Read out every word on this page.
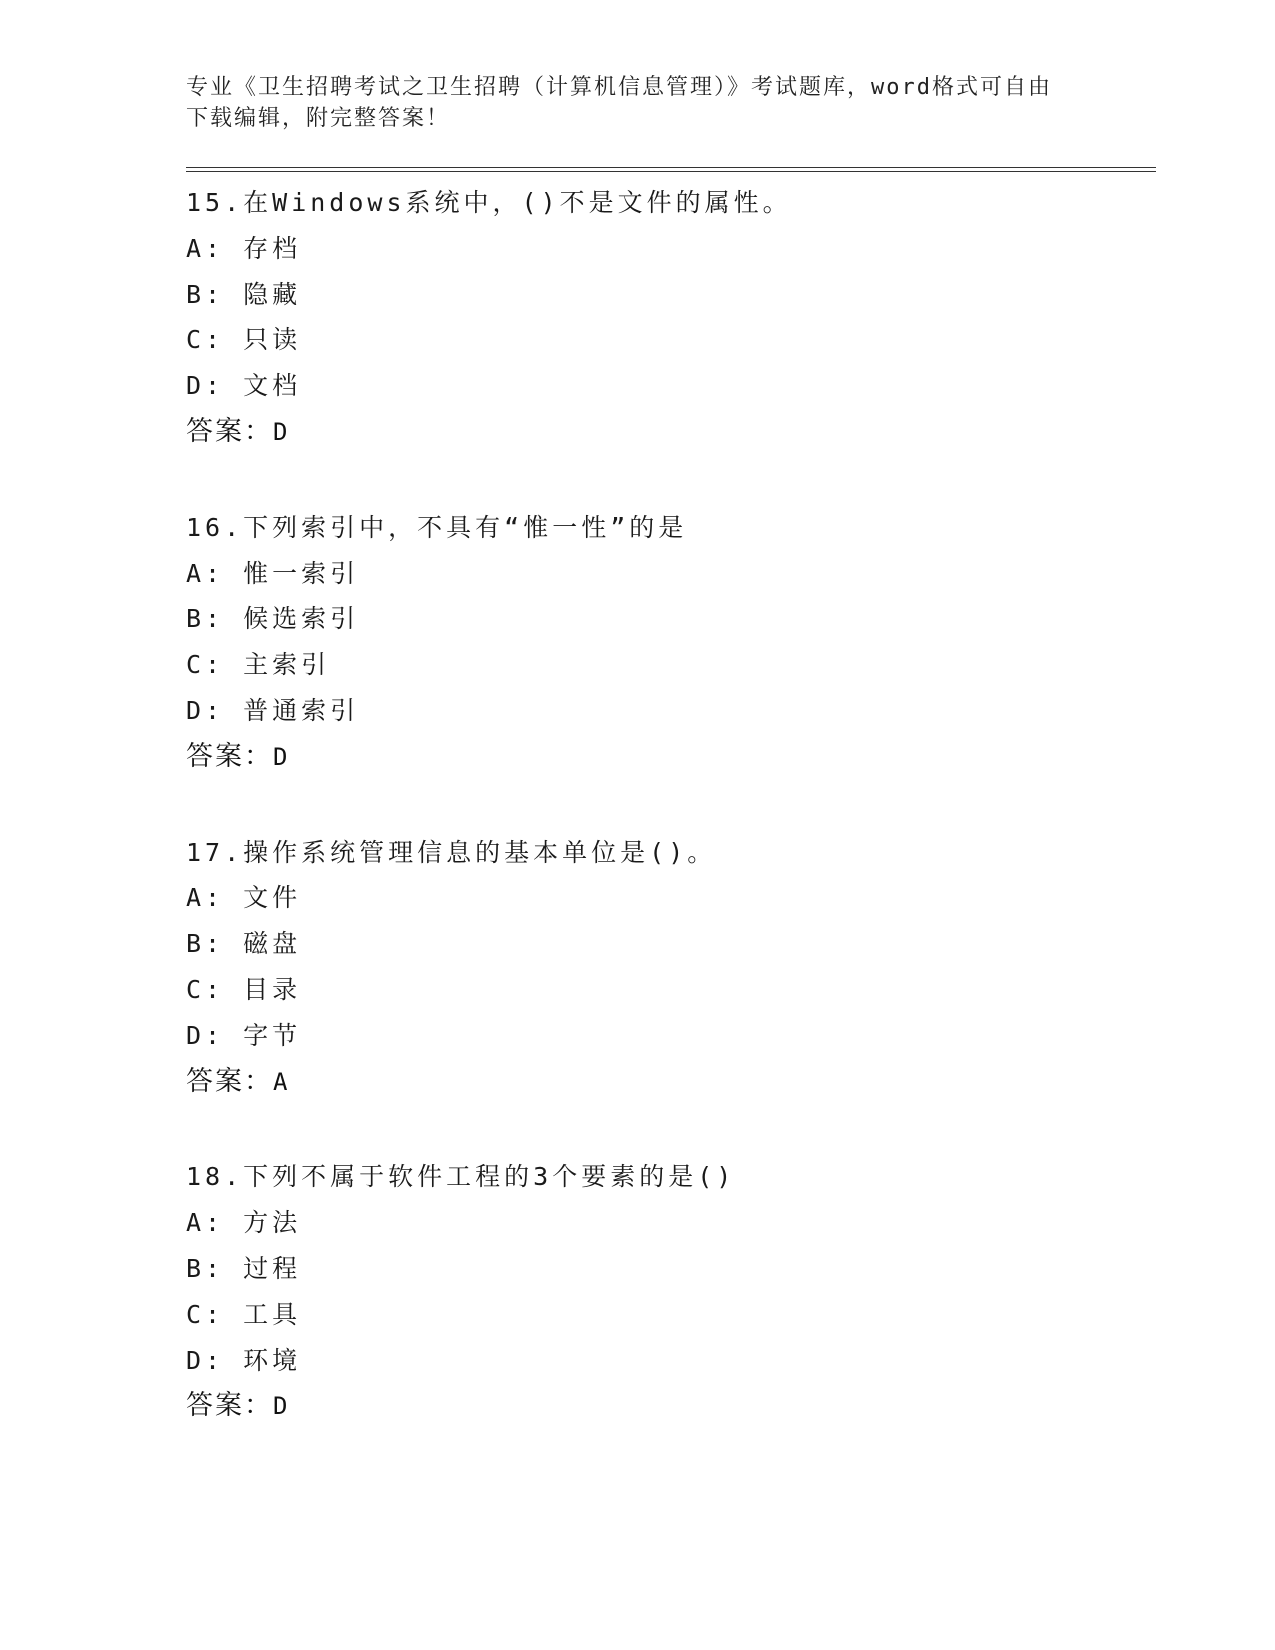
专业《卫生招聘考试之卫生招聘（计算机信息管理）》考试题库，word格式可自由下载编辑，附完整答案！
15.在Windows系统中，()不是文件的属性。
A: 存档
B: 隐藏
C: 只读
D: 文档
答案：D
16.下列索引中，不具有“惟一性”的是
A: 惟一索引
B: 候选索引
C: 主索引
D: 普通索引
答案：D
17.操作系统管理信息的基本单位是()。
A: 文件
B: 磁盘
C: 目录
D: 字节
答案：A
18.下列不属于软件工程的3个要素的是()
A: 方法
B: 过程
C: 工具
D: 环境
答案：D
